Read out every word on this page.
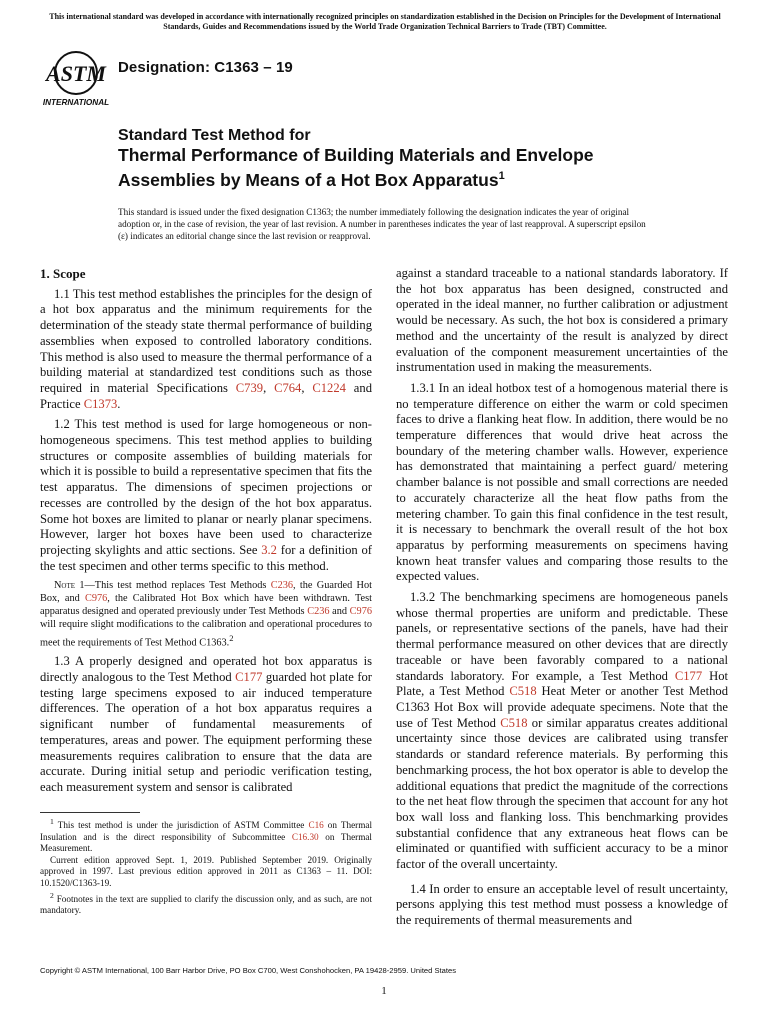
This international standard was developed in accordance with internationally recognized principles on standardization established in the Decision on Principles for the Development of International Standards, Guides and Recommendations issued by the World Trade Organization Technical Barriers to Trade (TBT) Committee.
ASTM
INTERNATIONAL
Designation: C1363 – 19
Standard Test Method for
Thermal Performance of Building Materials and Envelope
Assemblies by Means of a Hot Box Apparatus$^1$
This standard is issued under the fixed designation C1363; the number immediately following the designation indicates the year of original adoption or, in the case of revision, the year of last revision. A number in parentheses indicates the year of last reapproval. A superscript epsilon (ε) indicates an editorial change since the last revision or reapproval.

1. Scope

1.1 This test method establishes the principles for the design of a hot box apparatus and the minimum requirements for the determination of the steady state thermal performance of building assemblies when exposed to controlled laboratory conditions. This method is also used to measure the thermal performance of a building material at standardized test conditions such as those required in material Specifications C739, C764, C1224 and Practice C1373.

1.2 This test method is used for large homogeneous or non-homogeneous specimens. This test method applies to building structures or composite assemblies of building materials for which it is possible to build a representative specimen that fits the test apparatus. The dimensions of specimen projections or recesses are controlled by the design of the hot box apparatus. Some hot boxes are limited to planar or nearly planar specimens. However, larger hot boxes have been used to characterize projecting skylights and attic sections. See 3.2 for a definition of the test specimen and other terms specific to this method.

Note 1—This test method replaces Test Methods C236, the Guarded Hot Box, and C976, the Calibrated Hot Box which have been withdrawn. Test apparatus designed and operated previously under Test Methods C236 and C976 will require slight modifications to the calibration and operational procedures to meet the requirements of Test Method C1363.$^2$

1.3 A properly designed and operated hot box apparatus is directly analogous to the Test Method C177 guarded hot plate for testing large specimens exposed to air induced temperature differences. The operation of a hot box apparatus requires a significant number of fundamental measurements of temperatures, areas and power. The equipment performing these measurements requires calibration to ensure that the data are accurate. During initial setup and periodic verification testing, each measurement system and sensor is calibrated

$^1$ This test method is under the jurisdiction of ASTM Committee C16 on Thermal Insulation and is the direct responsibility of Subcommittee C16.30 on Thermal Measurement.

Current edition approved Sept. 1, 2019. Published September 2019. Originally approved in 1997. Last previous edition approved in 2011 as C1363 – 11. DOI: 10.1520/C1363-19.

$^2$ Footnotes in the text are supplied to clarify the discussion only, and as such, are not mandatory.

against a standard traceable to a national standards laboratory. If the hot box apparatus has been designed, constructed and operated in the ideal manner, no further calibration or adjustment would be necessary. As such, the hot box is considered a primary method and the uncertainty of the result is analyzed by direct evaluation of the component measurement uncertainties of the instrumentation used in making the measurements.

1.3.1 In an ideal hotbox test of a homogenous material there is no temperature difference on either the warm or cold specimen faces to drive a flanking heat flow. In addition, there would be no temperature differences that would drive heat across the boundary of the metering chamber walls. However, experience has demonstrated that maintaining a perfect guard/ metering chamber balance is not possible and small corrections are needed to accurately characterize all the heat flow paths from the metering chamber. To gain this final confidence in the test result, it is necessary to benchmark the overall result of the hot box apparatus by performing measurements on specimens having known heat transfer values and comparing those results to the expected values.

1.3.2 The benchmarking specimens are homogeneous panels whose thermal properties are uniform and predictable. These panels, or representative sections of the panels, have had their thermal performance measured on other devices that are directly traceable or have been favorably compared to a national standards laboratory. For example, a Test Method C177 Hot Plate, a Test Method C518 Heat Meter or another Test Method C1363 Hot Box will provide adequate specimens. Note that the use of Test Method C518 or similar apparatus creates additional uncertainty since those devices are calibrated using transfer standards or standard reference materials. By performing this benchmarking process, the hot box operator is able to develop the additional equations that predict the magnitude of the corrections to the net heat flow through the specimen that account for any hot box wall loss and flanking loss. This benchmarking provides substantial confidence that any extraneous heat flows can be eliminated or quantified with sufficient accuracy to be a minor factor of the overall uncertainty.

1.4 In order to ensure an acceptable level of result uncertainty, persons applying this test method must possess a knowledge of the requirements of thermal measurements and

Copyright © ASTM International, 100 Barr Harbor Drive, PO Box C700, West Conshohocken, PA 19428-2959. United States
1
